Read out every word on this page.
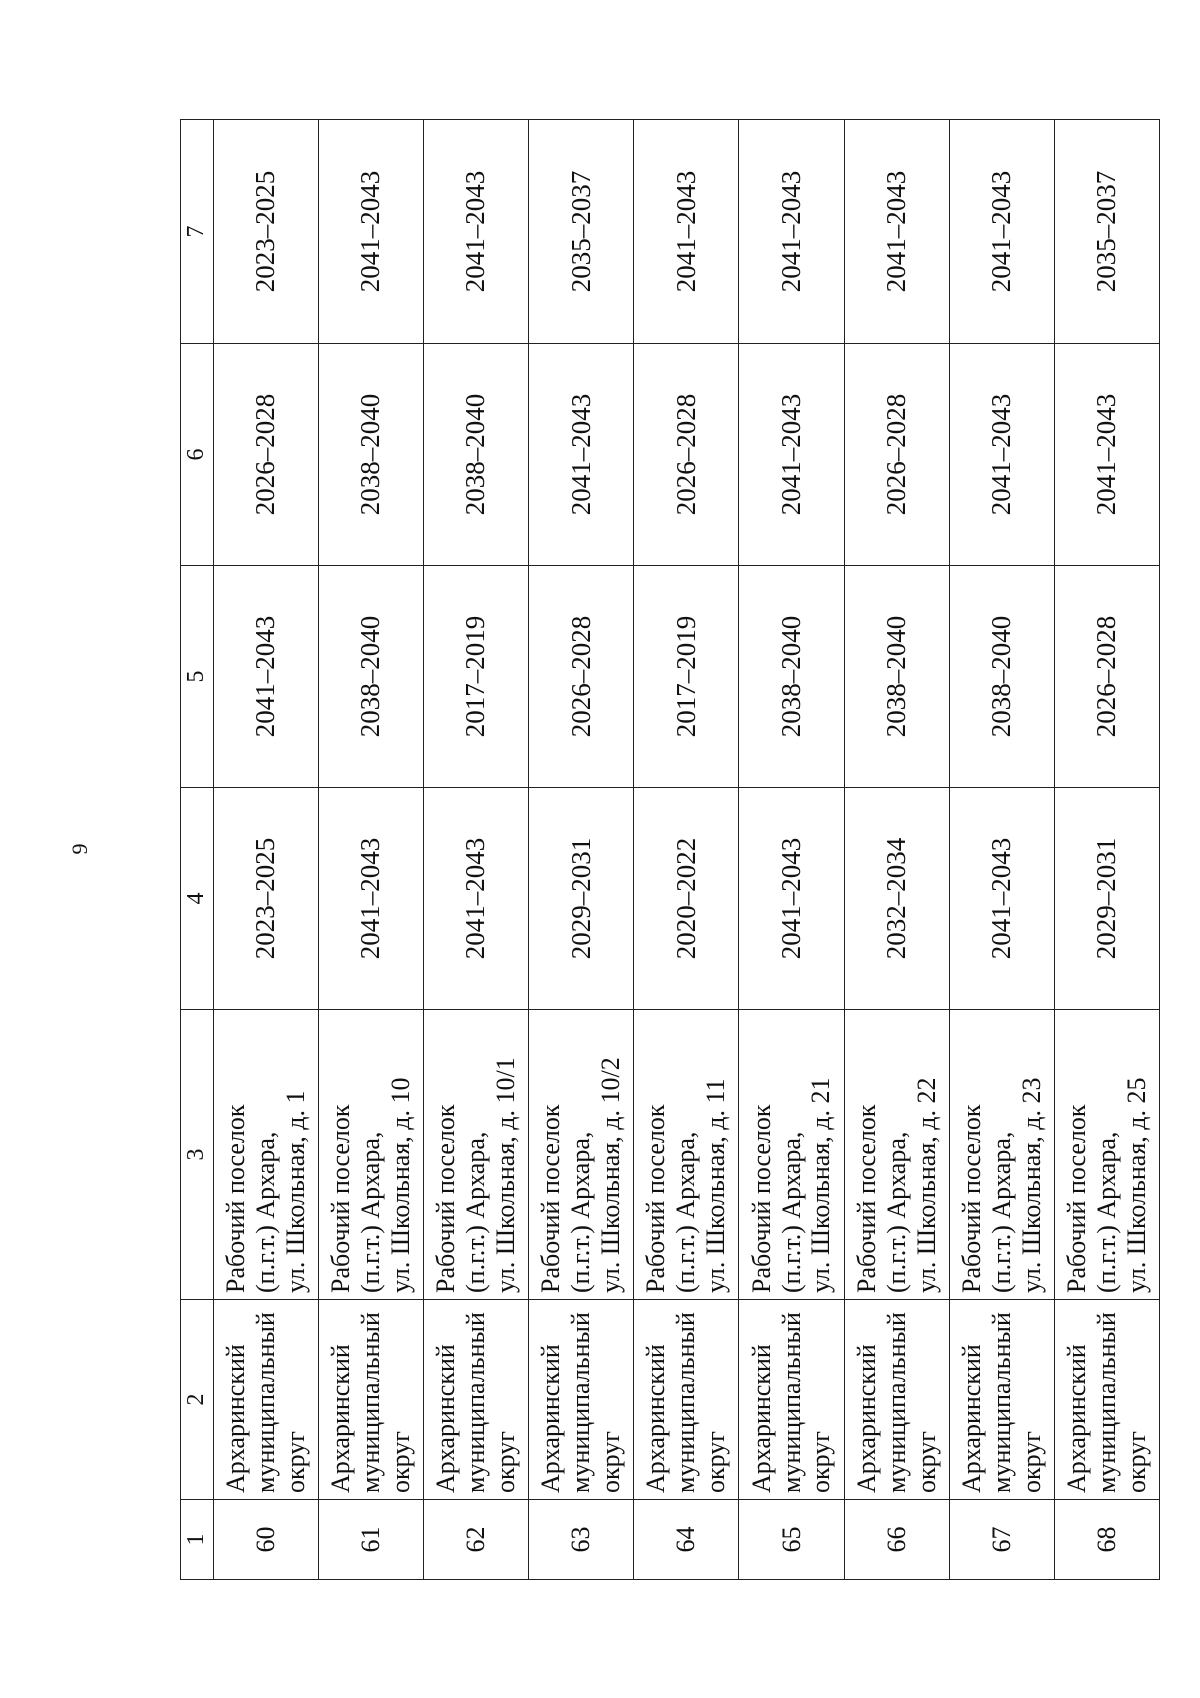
9
1	2	3	4	5	6	7
60	Архаринский муниципальный округ	Рабочий поселок (п.г.т.) Архара, ул. Школьная, д. 1	2023–2025	2041–2043	2026–2028	2023–2025
61	Архаринский муниципальный округ	Рабочий поселок (п.г.т.) Архара, ул. Школьная, д. 10	2041–2043	2038–2040	2038–2040	2041–2043
62	Архаринский муниципальный округ	Рабочий поселок (п.г.т.) Архара, ул. Школьная, д. 10/1	2041–2043	2017–2019	2038–2040	2041–2043
63	Архаринский муниципальный округ	Рабочий поселок (п.г.т.) Архара, ул. Школьная, д. 10/2	2029–2031	2026–2028	2041–2043	2035–2037
64	Архаринский муниципальный округ	Рабочий поселок (п.г.т.) Архара, ул. Школьная, д. 11	2020–2022	2017–2019	2026–2028	2041–2043
65	Архаринский муниципальный округ	Рабочий поселок (п.г.т.) Архара, ул. Школьная, д. 21	2041–2043	2038–2040	2041–2043	2041–2043
66	Архаринский муниципальный округ	Рабочий поселок (п.г.т.) Архара, ул. Школьная, д. 22	2032–2034	2038–2040	2026–2028	2041–2043
67	Архаринский муниципальный округ	Рабочий поселок (п.г.т.) Архара, ул. Школьная, д. 23	2041–2043	2038–2040	2041–2043	2041–2043
68	Архаринский муниципальный округ	Рабочий поселок (п.г.т.) Архара, ул. Школьная, д. 25	2029–2031	2026–2028	2041–2043	2035–2037
